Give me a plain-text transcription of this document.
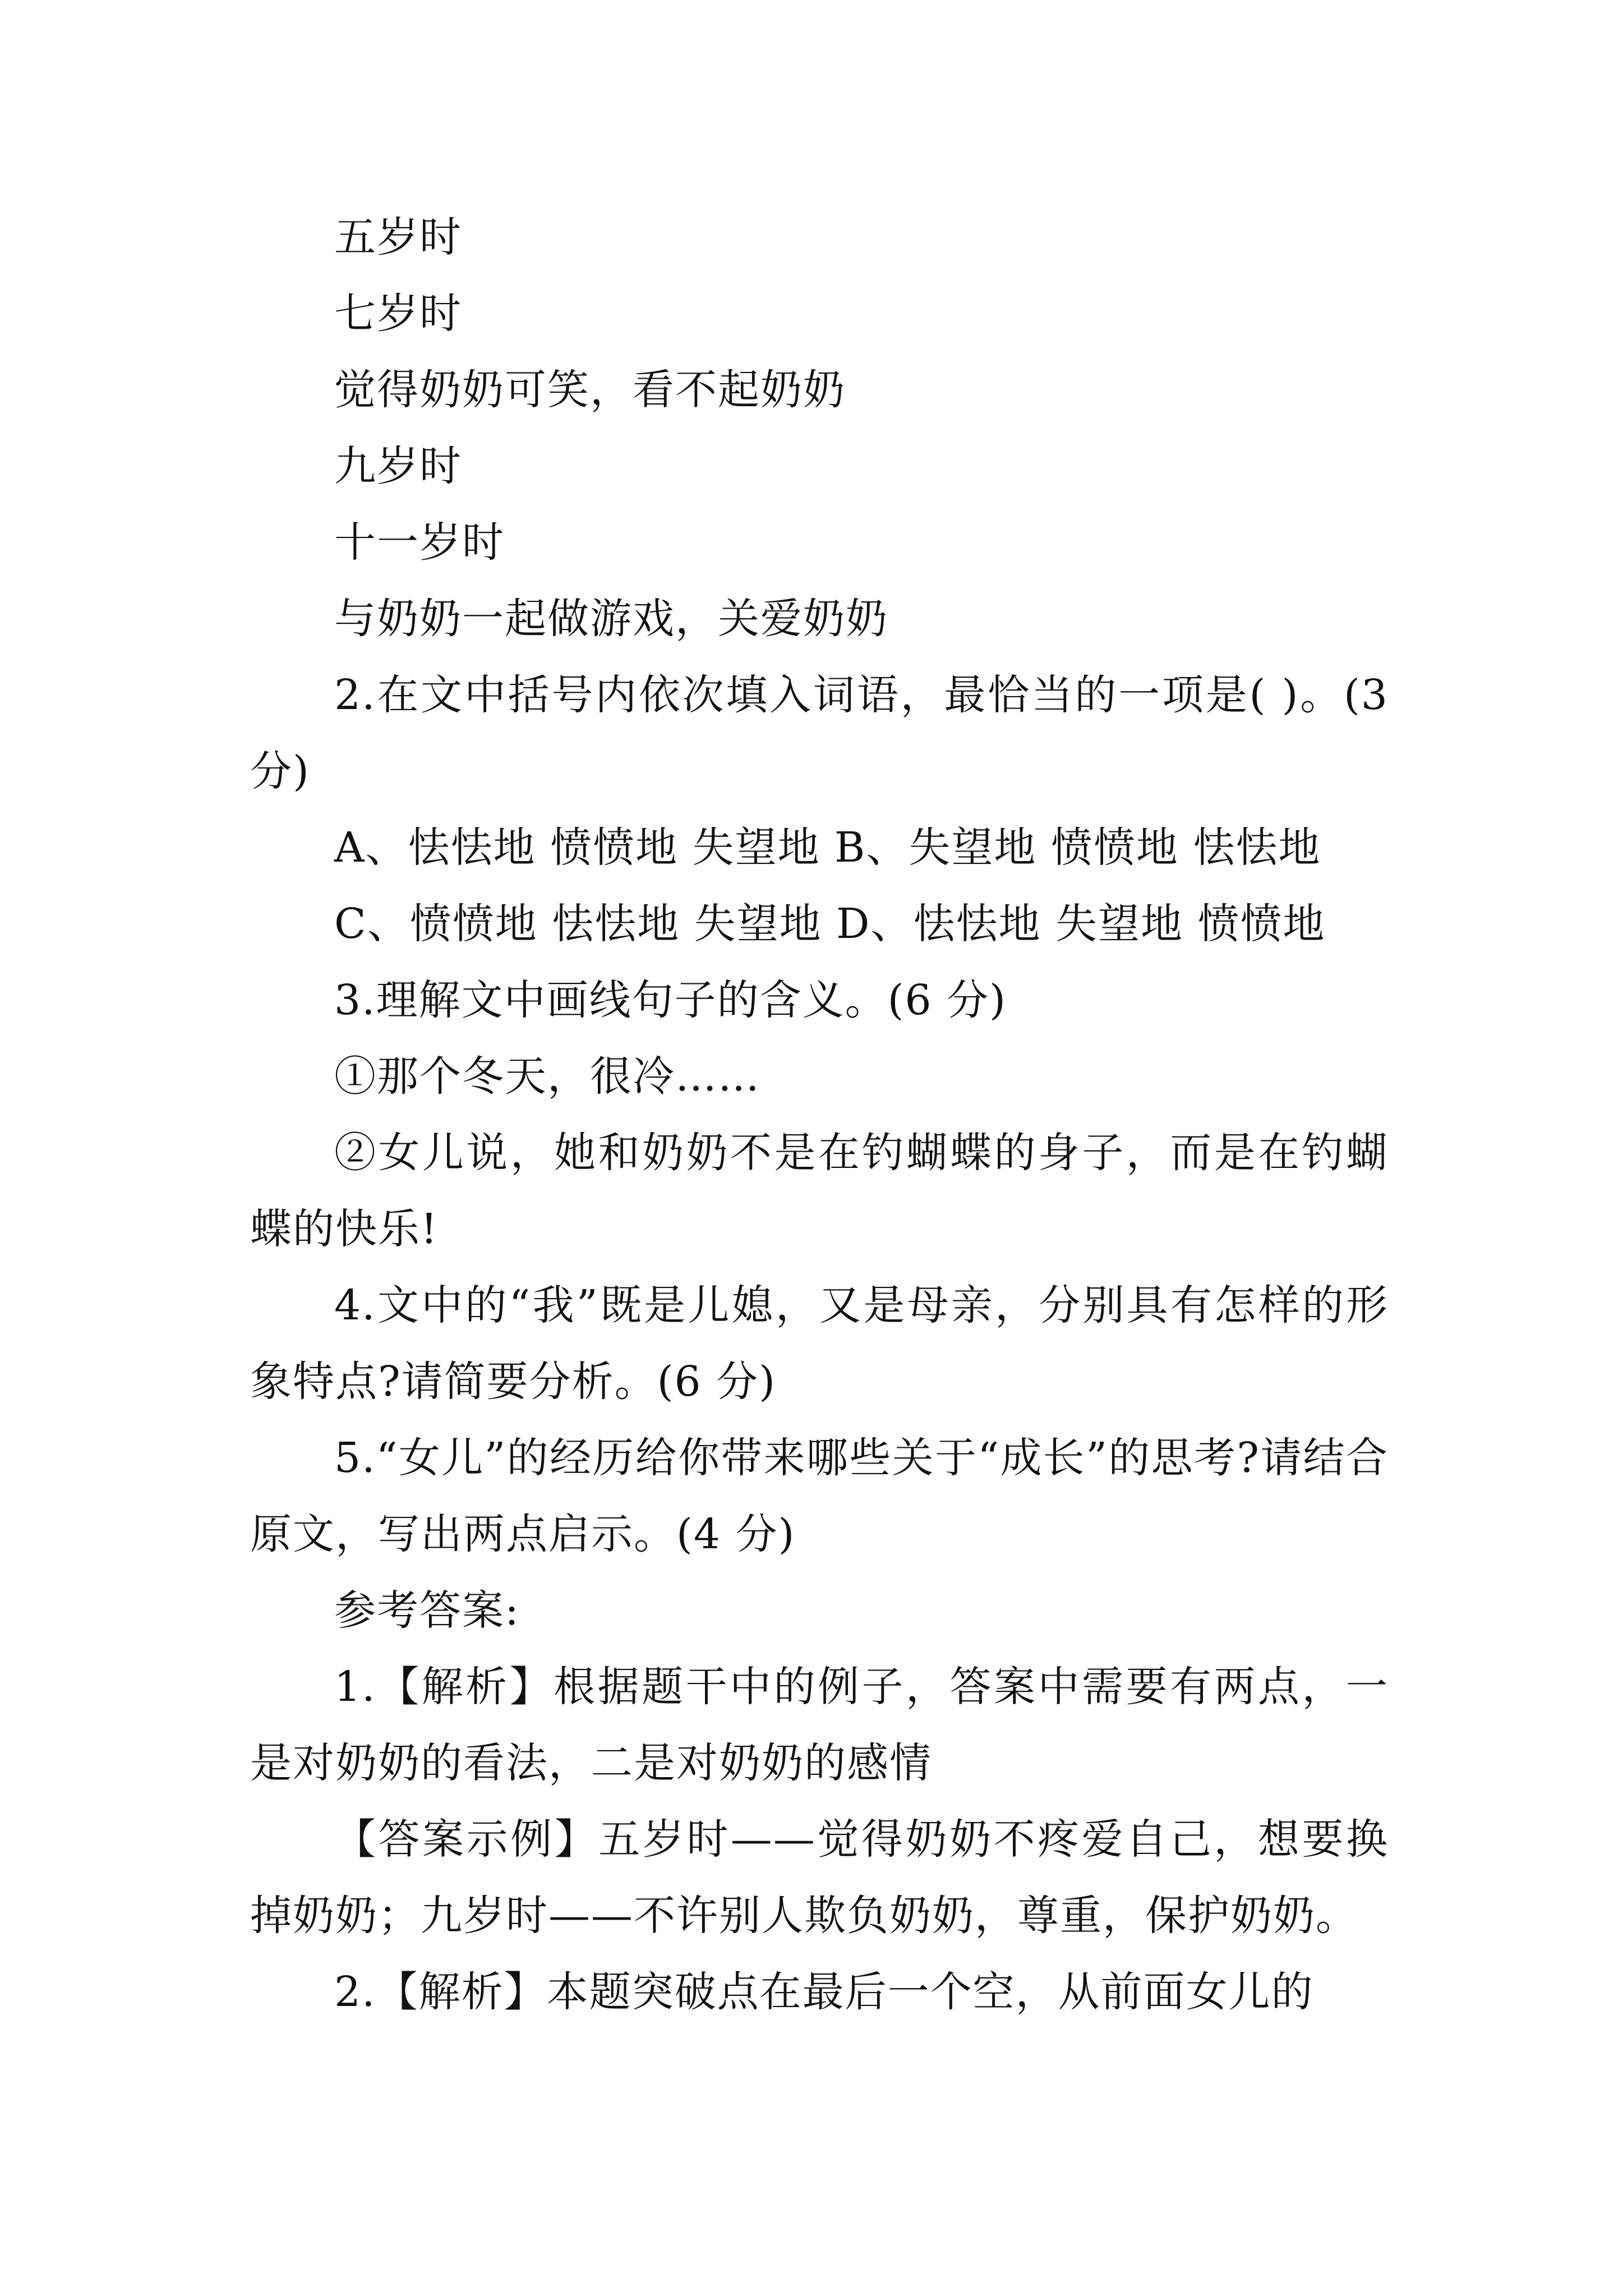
五岁时

七岁时

觉得奶奶可笑，看不起奶奶

九岁时

十一岁时

与奶奶一起做游戏，关爱奶奶

2.在文中括号内依次填入词语，最恰当的一项是( )。(3分)

A、怯怯地 愤愤地 失望地 B、失望地 愤愤地 怯怯地

C、愤愤地 怯怯地 失望地 D、怯怯地 失望地 愤愤地

3.理解文中画线句子的含义。(6 分)

①那个冬天，很冷……

②女儿说，她和奶奶不是在钓蝴蝶的身子，而是在钓蝴蝶的快乐!

4.文中的“我”既是儿媳，又是母亲，分别具有怎样的形象特点?请简要分析。(6 分)

5.“女儿”的经历给你带来哪些关于“成长”的思考?请结合原文，写出两点启示。(4 分)

参考答案:

1.【解析】根据题干中的例子，答案中需要有两点，一是对奶奶的看法，二是对奶奶的感情

【答案示例】五岁时——觉得奶奶不疼爱自己，想要换掉奶奶；九岁时——不许别人欺负奶奶，尊重，保护奶奶。

2.【解析】本题突破点在最后一个空，从前面女儿的
